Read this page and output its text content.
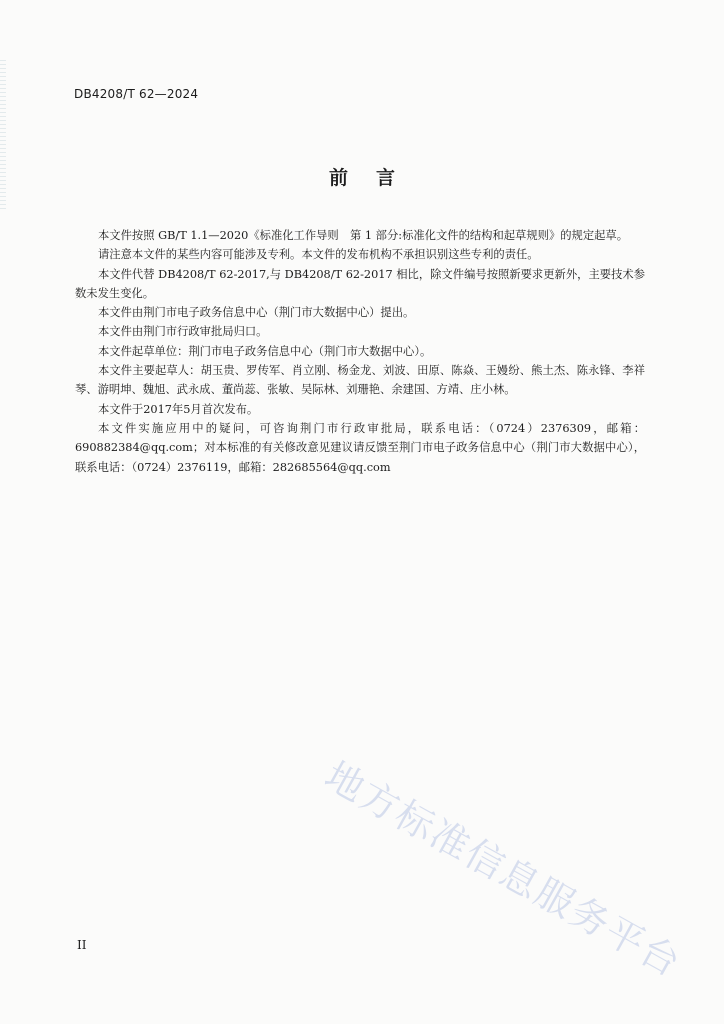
DB4208/T 62—2024
前言

本文件按照 GB/T 1.1—2020《标准化工作导则　第 1 部分:标准化文件的结构和起草规则》的规定起草。

请注意本文件的某些内容可能涉及专利。本文件的发布机构不承担识别这些专利的责任。

本文件代替 DB4208/T 62-2017,与 DB4208/T 62-2017 相比，除文件编号按照新要求更新外，主要技术参数未发生变化。

本文件由荆门市电子政务信息中心（荆门市大数据中心）提出。

本文件由荆门市行政审批局归口。

本文件起草单位：荆门市电子政务信息中心（荆门市大数据中心）。

本文件主要起草人：胡玉贵、罗传军、肖立刚、杨金龙、刘波、田原、陈焱、王嫚纷、熊土杰、陈永锋、李祥琴、游明坤、魏旭、武永成、董尚蕊、张敏、吴际林、刘珊艳、余建国、方靖、庄小林。

本文件于2017年5月首次发布。

本文件实施应用中的疑问，可咨询荆门市行政审批局，联系电话：（0724）2376309，邮箱：690882384@qq.com；对本标准的有关修改意见建议请反馈至荆门市电子政务信息中心（荆门市大数据中心），联系电话：（0724）2376119，邮箱：282685564@qq.com

地方标准信息服务平台
II
